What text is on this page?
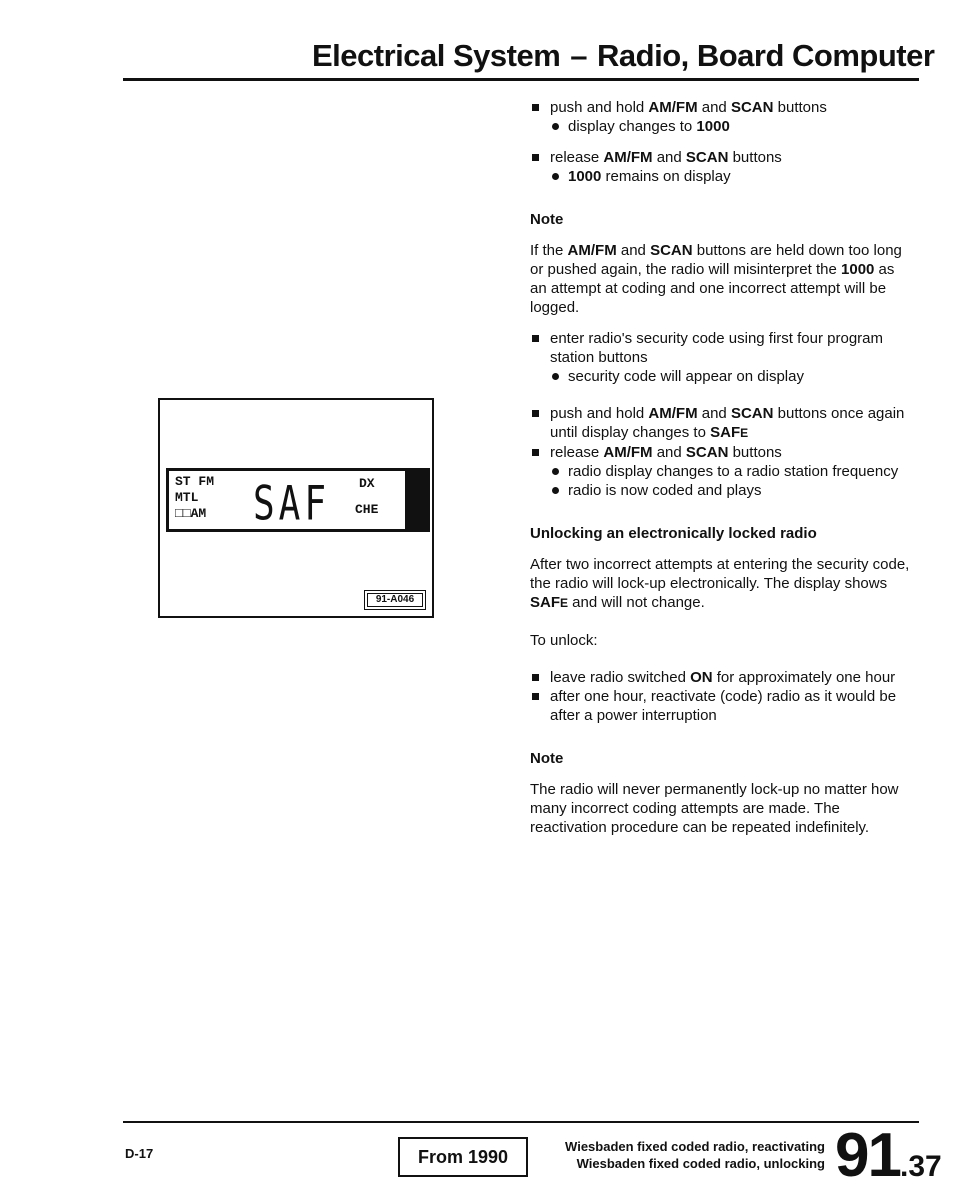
Electrical System – Radio, Board Computer
ST FM
MTL
□□AM SAF DX
CHE
91-A046

push and hold AM/FM and SCAN buttons

display changes to 1000

release AM/FM and SCAN buttons

1000 remains on display

Note

If the AM/FM and SCAN buttons are held down too long or pushed again, the radio will misinterpret the 1000 as an attempt at coding and one incorrect attempt will be logged.

enter radio's security code using first four program station buttons

security code will appear on display

push and hold AM/FM and SCAN buttons once again until display changes to SAFE

release AM/FM and SCAN buttons

radio display changes to a radio station frequency

radio is now coded and plays

Unlocking an electronically locked radio

After two incorrect attempts at entering the security code, the radio will lock-up electronically. The display shows SAFE and will not change.

To unlock:

leave radio switched ON for approximately one hour

after one hour, reactivate (code) radio as it would be after a power interruption

Note

The radio will never permanently lock-up no matter how many incorrect coding attempts are made. The reactivation procedure can be repeated indefinitely.

D-17	From 1990
Wiesbaden fixed coded radio, reactivating
Wiesbaden fixed coded radio, unlocking 91.37
